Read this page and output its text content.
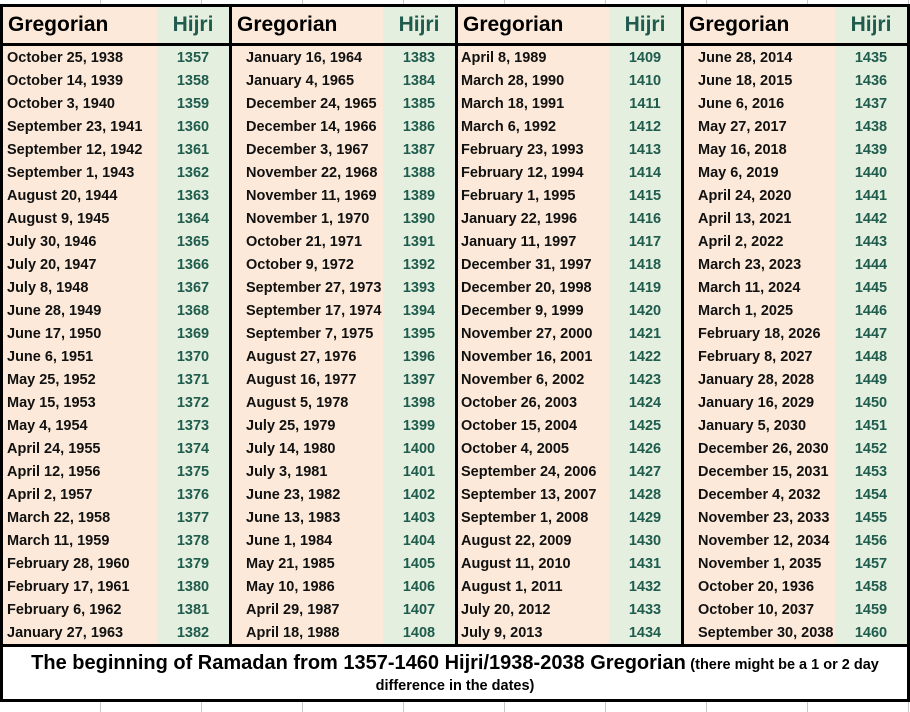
Gregorian	Hijri
October 25, 1938	1357
October 14, 1939	1358
October 3, 1940	1359
September 23, 1941	1360
September 12, 1942	1361
September 1, 1943	1362
August 20, 1944	1363
August 9, 1945	1364
July 30, 1946	1365
July 20, 1947	1366
July 8, 1948	1367
June 28, 1949	1368
June 17, 1950	1369
June 6, 1951	1370
May 25, 1952	1371
May 15, 1953	1372
May 4, 1954	1373
April 24, 1955	1374
April 12, 1956	1375
April 2, 1957	1376
March 22, 1958	1377
March 11, 1959	1378
February 28, 1960	1379
February 17, 1961	1380
February 6, 1962	1381
January 27, 1963	1382
Gregorian	Hijri
January 16, 1964	1383
January 4, 1965	1384
December 24, 1965	1385
December 14, 1966	1386
December 3, 1967	1387
November 22, 1968	1388
November 11, 1969	1389
November 1, 1970	1390
October 21, 1971	1391
October 9, 1972	1392
September 27, 1973	1393
September 17, 1974	1394
September 7, 1975	1395
August 27, 1976	1396
August 16, 1977	1397
August 5, 1978	1398
July 25, 1979	1399
July 14, 1980	1400
July 3, 1981	1401
June 23, 1982	1402
June 13, 1983	1403
June 1, 1984	1404
May 21, 1985	1405
May 10, 1986	1406
April 29, 1987	1407
April 18, 1988	1408
Gregorian	Hijri
April 8, 1989	1409
March 28, 1990	1410
March 18, 1991	1411
March 6, 1992	1412
February 23, 1993	1413
February 12, 1994	1414
February 1, 1995	1415
January 22, 1996	1416
January 11, 1997	1417
December 31, 1997	1418
December 20, 1998	1419
December 9, 1999	1420
November 27, 2000	1421
November 16, 2001	1422
November 6, 2002	1423
October 26, 2003	1424
October 15, 2004	1425
October 4, 2005	1426
September 24, 2006	1427
September 13, 2007	1428
September 1, 2008	1429
August 22, 2009	1430
August 11, 2010	1431
August 1, 2011	1432
July 20, 2012	1433
July 9, 2013	1434
Gregorian	Hijri
June 28, 2014	1435
June 18, 2015	1436
June 6, 2016	1437
May 27, 2017	1438
May 16, 2018	1439
May 6, 2019	1440
April 24, 2020	1441
April 13, 2021	1442
April 2, 2022	1443
March 23, 2023	1444
March 11, 2024	1445
March 1, 2025	1446
February 18, 2026	1447
February 8, 2027	1448
January 28, 2028	1449
January 16, 2029	1450
January 5, 2030	1451
December 26, 2030	1452
December 15, 2031	1453
December 4, 2032	1454
November 23, 2033	1455
November 12, 2034	1456
November 1, 2035	1457
October 20, 1936	1458
October 10, 2037	1459
September 30, 2038	1460
The beginning of Ramadan from 1357-1460 Hijri/1938-2038 Gregorian (there might be a 1 or 2 day difference in the dates)
